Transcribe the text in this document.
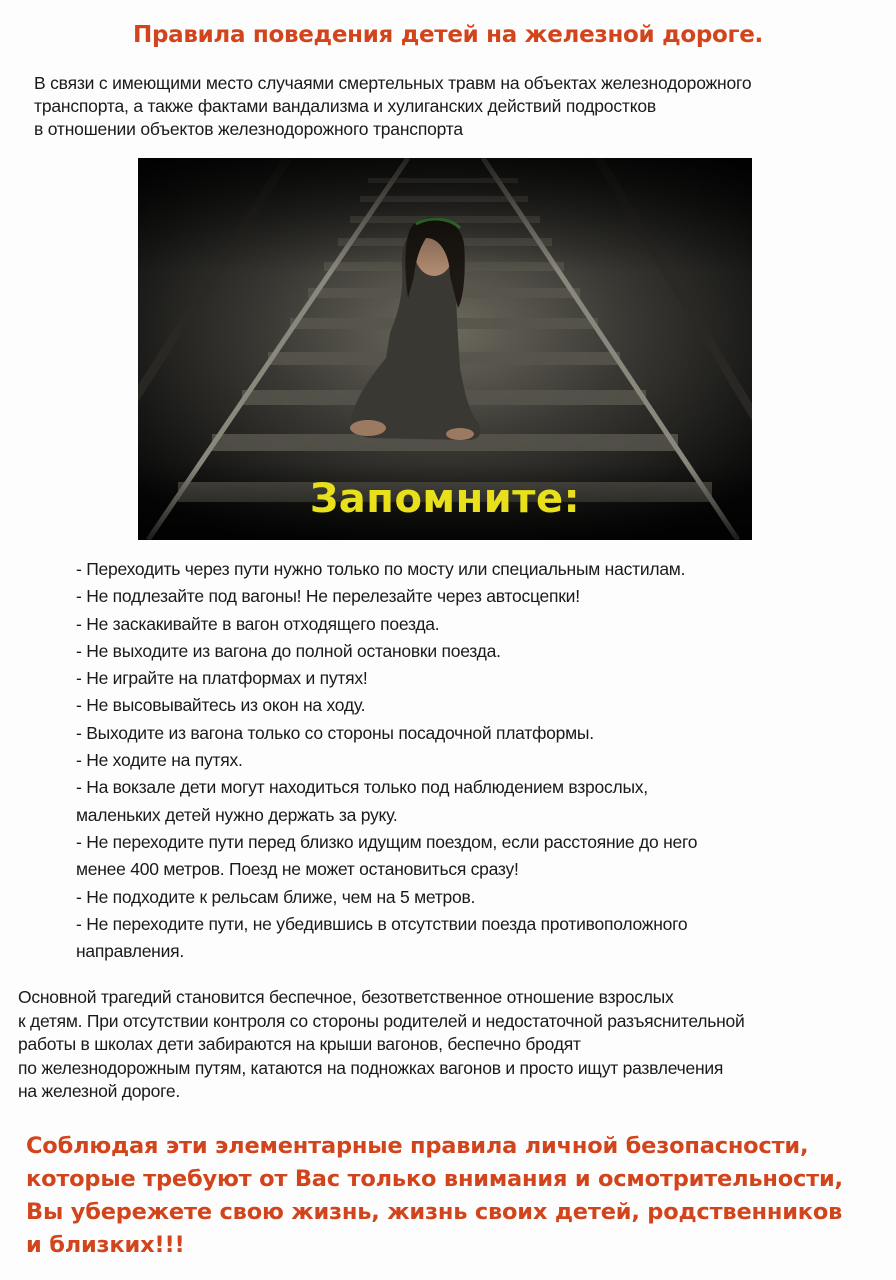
Правила поведения детей на железной дороге.
В связи с имеющими место случаями смертельных травм на объектах железнодорожного
транспорта, а также фактами вандализма и хулиганских действий подростков
в отношении объектов железнодорожного транспорта
Запомните:
- Переходить через пути нужно только по мосту или специальным настилам.
- Не подлезайте под вагоны! Не перелезайте через автосцепки!
- Не заскакивайте в вагон отходящего поезда.
- Не выходите из вагона до полной остановки поезда.
- Не играйте на платформах и путях!
- Не высовывайтесь из окон на ходу.
- Выходите из вагона только со стороны посадочной платформы.
- Не ходите на путях.
- На вокзале дети могут находиться только под наблюдением взрослых,
маленьких детей нужно держать за руку.
- Не переходите пути перед близко идущим поездом, если расстояние до него
менее 400 метров. Поезд не может остановиться сразу!
- Не подходите к рельсам ближе, чем на 5 метров.
- Не переходите пути, не убедившись в отсутствии поезда противоположного
направления.
Основной трагедий становится беспечное, безответственное отношение взрослых
к детям. При отсутствии контроля со стороны родителей и недостаточной разъяснительной
работы в школах дети забираются на крыши вагонов, беспечно бродят
по железнодорожным путям, катаются на подножках вагонов и просто ищут развлечения
на железной дороге.
Соблюдая эти элементарные правила личной безопасности,
которые требуют от Вас только внимания и осмотрительности,
Вы убережете свою жизнь, жизнь своих детей, родственников
и близких!!!
